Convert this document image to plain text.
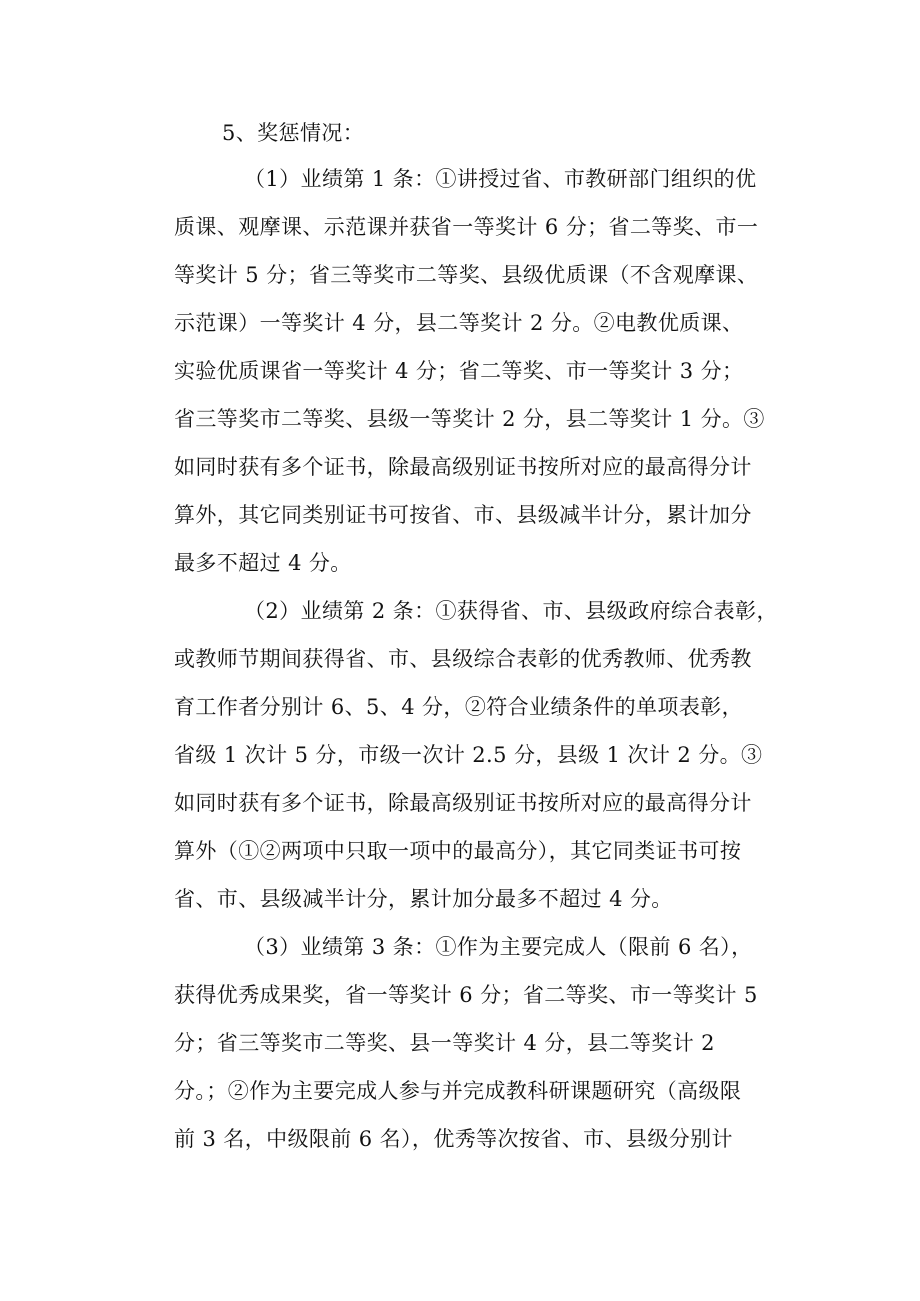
5、奖惩情况：
（1）业绩第 1 条：①讲授过省、市教研部门组织的优
质课、观摩课、示范课并获省一等奖计 6 分；省二等奖、市一
等奖计 5 分；省三等奖市二等奖、县级优质课（不含观摩课、
示范课）一等奖计 4 分，县二等奖计 2 分。②电教优质课、
实验优质课省一等奖计 4 分；省二等奖、市一等奖计 3 分；
省三等奖市二等奖、县级一等奖计 2 分，县二等奖计 1 分。③
如同时获有多个证书，除最高级别证书按所对应的最高得分计
算外，其它同类别证书可按省、市、县级减半计分，累计加分
最多不超过 4 分。
（2）业绩第 2 条：①获得省、市、县级政府综合表彰，
或教师节期间获得省、市、县级综合表彰的优秀教师、优秀教
育工作者分别计 6、5、4 分，②符合业绩条件的单项表彰，
省级 1 次计 5 分，市级一次计 2.5 分，县级 1 次计 2 分。③
如同时获有多个证书，除最高级别证书按所对应的最高得分计
算外（①②两项中只取一项中的最高分），其它同类证书可按
省、市、县级减半计分，累计加分最多不超过 4 分。
（3）业绩第 3 条：①作为主要完成人（限前 6 名），
获得优秀成果奖，省一等奖计 6 分；省二等奖、市一等奖计 5
分；省三等奖市二等奖、县一等奖计 4 分，县二等奖计 2
分。；②作为主要完成人参与并完成教科研课题研究（高级限
前 3 名，中级限前 6 名），优秀等次按省、市、县级分别计
